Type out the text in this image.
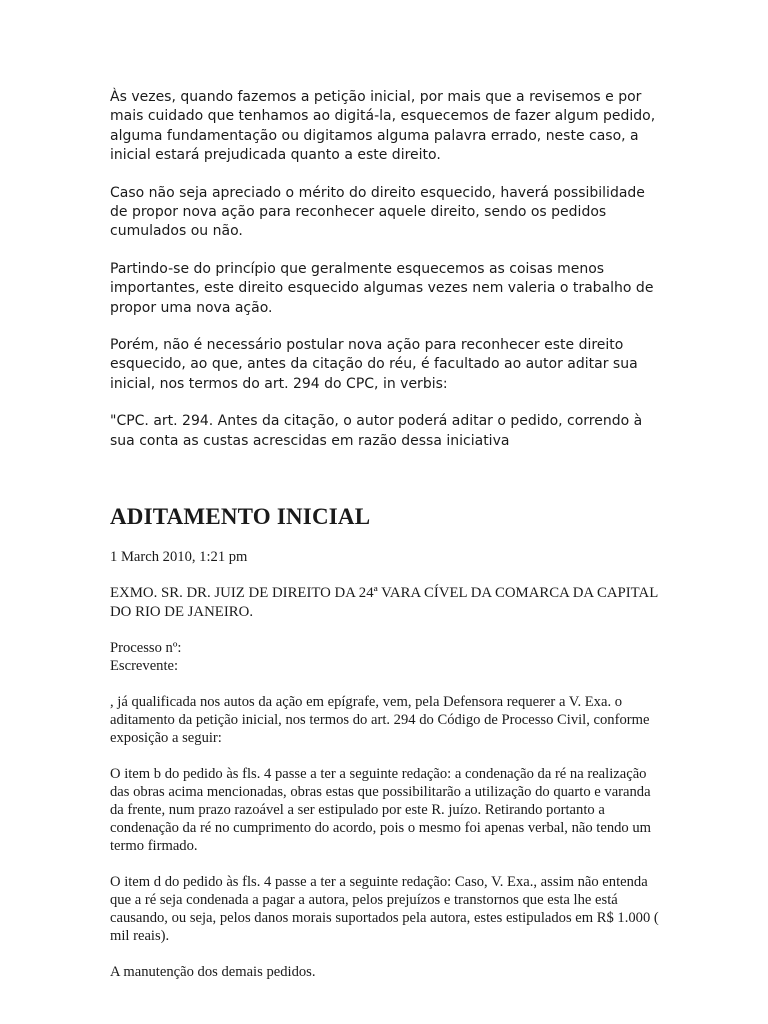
Às vezes, quando fazemos a petição inicial, por mais que a revisemos e por mais cuidado que tenhamos ao digitá-la, esquecemos de fazer algum pedido, alguma fundamentação ou digitamos alguma palavra errado, neste caso, a inicial estará prejudicada quanto a este direito.

Caso não seja apreciado o mérito do direito esquecido, haverá possibilidade de propor nova ação para reconhecer aquele direito, sendo os pedidos cumulados ou não.

Partindo-se do princípio que geralmente esquecemos as coisas menos importantes, este direito esquecido algumas vezes nem valeria o trabalho de propor uma nova ação.

Porém, não é necessário postular nova ação para reconhecer este direito esquecido, ao que, antes da citação do réu, é facultado ao autor aditar sua inicial, nos termos do art. 294 do CPC, in verbis:

"CPC. art. 294. Antes da citação, o autor poderá aditar o pedido, correndo à sua conta as custas acrescidas em razão dessa iniciativa

ADITAMENTO INICIAL

1 March 2010, 1:21 pm

EXMO. SR. DR. JUIZ DE DIREITO DA 24ª VARA CÍVEL DA COMARCA DA CAPITAL DO RIO DE JANEIRO.

Processo nº:
Escrevente:

, já qualificada nos autos da ação em epígrafe, vem, pela Defensora requerer a V. Exa. o aditamento da petição inicial, nos termos do art. 294 do Código de Processo Civil, conforme exposição a seguir:

O item b do pedido às fls. 4 passe a ter a seguinte redação: a condenação da ré na realização das obras acima mencionadas, obras estas que possibilitarão a utilização do quarto e varanda da frente, num prazo razoável a ser estipulado por este R. juízo. Retirando portanto a condenação da ré no cumprimento do acordo, pois o mesmo foi apenas verbal, não tendo um termo firmado.

O item d do pedido às fls. 4 passe a ter a seguinte redação: Caso, V. Exa., assim não entenda que a ré seja condenada a pagar a autora, pelos prejuízos e transtornos que esta lhe está causando, ou seja, pelos danos morais suportados pela autora, estes estipulados em R$ 1.000 ( mil reais).

A manutenção dos demais pedidos.
